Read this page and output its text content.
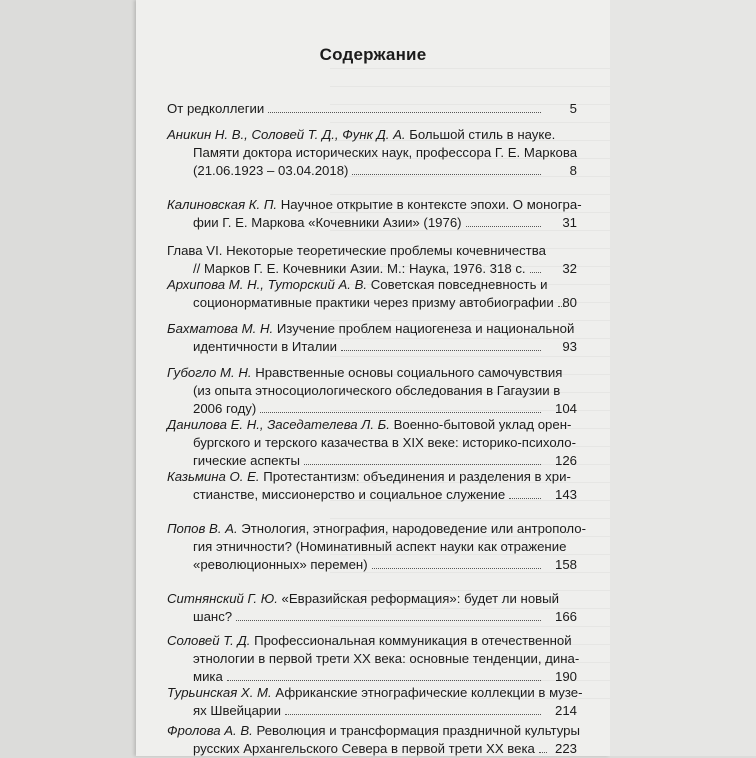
Содержание
От редколлегии	5
Аникин Н. В., Соловей Т. Д., Функ Д. А. Большой стиль в науке.
Памяти доктора исторических наук, профессора Г. Е. Маркова
(21.06.1923 – 03.04.2018)	8
Калиновская К. П. Научное открытие в контексте эпохи. О моногра-
фии Г. Е. Маркова «Кочевники Азии» (1976)	31
Глава VI. Некоторые теоретические проблемы кочевничества
// Марков Г. Е. Кочевники Азии. М.: Наука, 1976. 318 с.	32
Архипова М. Н., Туторский А. В. Советская повседневность и
соционормативные практики через призму автобиографии 80
Бахматова М. Н. Изучение проблем нациогенеза и национальной
идентичности в Италии	93
Губогло М. Н. Нравственные основы социального самочувствия
(из опыта этносоциологического обследования в Гагаузии в
2006 году)	104
Данилова Е. Н., Заседателева Л. Б. Военно-бытовой уклад орен-
бургского и терского казачества в XIX веке: историко-психоло-
гические аспекты	126
Казьмина О. Е. Протестантизм: объединения и разделения в хри-
стианстве, миссионерство и социальное служение	143
Попов В. А. Этнология, этнография, народоведение или антрополо-
гия этничности? (Номинативный аспект науки как отражение
«революционных» перемен)	158
Ситнянский Г. Ю. «Евразийская реформация»: будет ли новый
шанс?	166
Соловей Т. Д. Профессиональная коммуникация в отечественной
этнологии в первой трети XX века: основные тенденции, дина-
мика	190
Турьинская Х. М. Африканские этнографические коллекции в музе-
ях Швейцарии	214
Фролова А. В. Революция и трансформация праздничной культуры
русских Архангельского Севера в первой трети XX века 223
